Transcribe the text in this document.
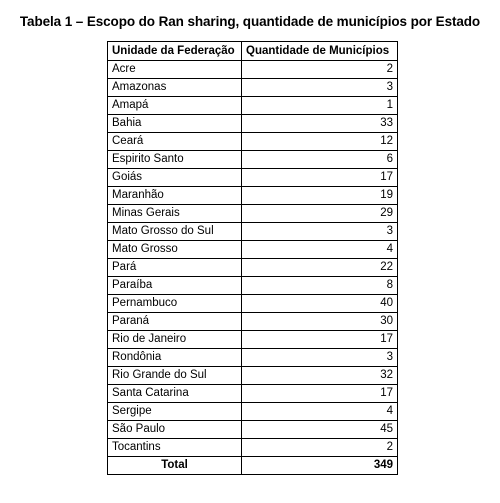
Tabela 1 – Escopo do Ran sharing, quantidade de municípios por Estado
Unidade da Federação	Quantidade de Municípios
Acre	2
Amazonas	3
Amapá	1
Bahia	33
Ceará	12
Espirito Santo	6
Goiás	17
Maranhão	19
Minas Gerais	29
Mato Grosso do Sul	3
Mato Grosso	4
Pará	22
Paraíba	8
Pernambuco	40
Paraná	30
Rio de Janeiro	17
Rondônia	3
Rio Grande do Sul	32
Santa Catarina	17
Sergipe	4
São Paulo	45
Tocantins	2
Total	349
